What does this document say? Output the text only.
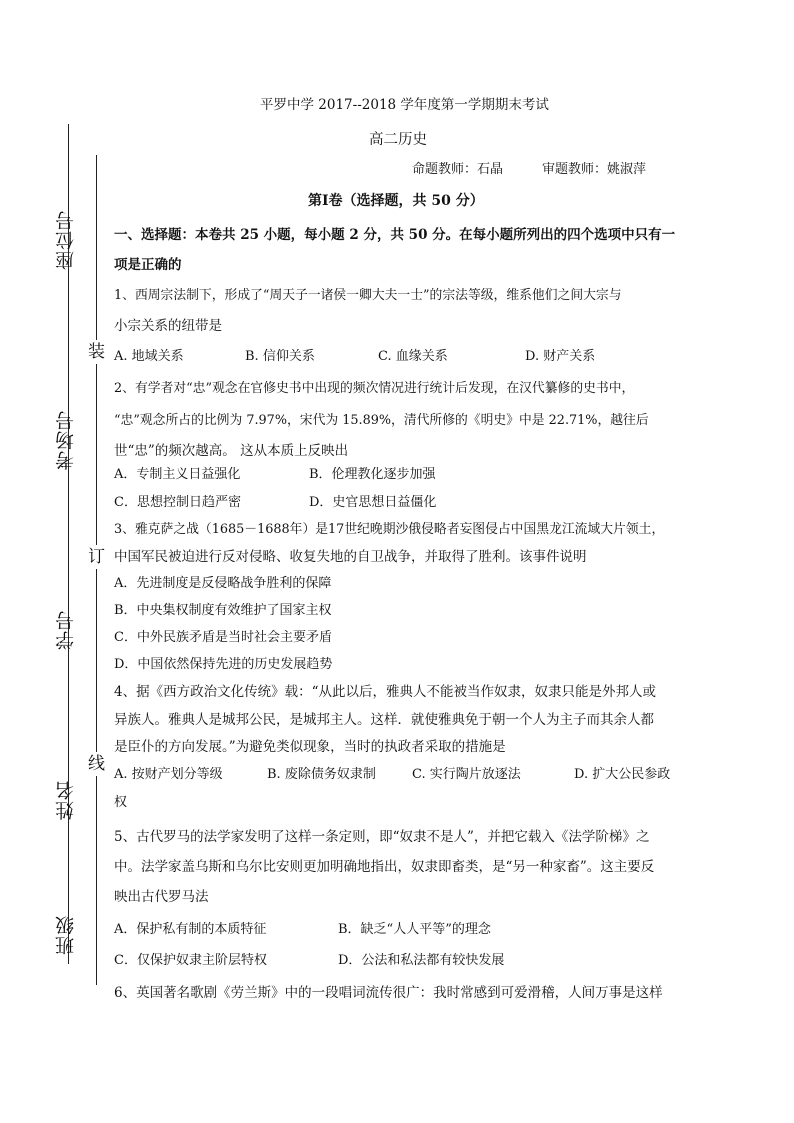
座位号
考场号
学号
姓名
班级
装
订
线
平罗中学 2017--2018 学年度第一学期期末考试
高二历史
命题教师：石晶　　　审题教师：姚淑萍
第Ⅰ卷（选择题，共 50 分）
一、选择题：本卷共 25 小题，每小题 2 分，共 50 分。在每小题所列出的四个选项中只有一
项是正确的
1、西周宗法制下，形成了“周天子一诸侯一卿大夫一士”的宗法等级，维系他们之间大宗与
小宗关系的纽带是
A. 地域关系	B. 信仰关系	C. 血缘关系	D. 财产关系
2、有学者对“忠”观念在官修史书中出现的频次情况进行统计后发现，在汉代纂修的史书中，
“忠”观念所占的比例为 7.97%，宋代为 15.89%，清代所修的《明史》中是 22.71%，越往后
世“忠”的频次越高。 这从本质上反映出
A．专制主义日益强化	B．伦理教化逐步加强
C．思想控制日趋严密	D．史官思想日益僵化
3、雅克萨之战（1685－1688年）是17世纪晚期沙俄侵略者妄图侵占中国黑龙江流域大片领土，
中国军民被迫进行反对侵略、收复失地的自卫战争，并取得了胜利。该事件说明
A．先进制度是反侵略战争胜利的保障
B．中央集权制度有效维护了国家主权
C．中外民族矛盾是当时社会主要矛盾
D．中国依然保持先进的历史发展趋势
4、据《西方政治文化传统》载：“从此以后，雅典人不能被当作奴隶，奴隶只能是外邦人或
异族人。雅典人是城邦公民，是城邦主人。这样．就使雅典免于朝一个人为主子而其余人都
是臣仆的方向发展。”为避免类似现象，当时的执政者采取的措施是
A. 按财产划分等级	B. 废除债务奴隶制	C. 实行陶片放逐法	D. 扩大公民参政
权
5、古代罗马的法学家发明了这样一条定则，即“奴隶不是人”，并把它载入《法学阶梯》之
中。法学家盖乌斯和乌尔比安则更加明确地指出，奴隶即畜类，是“另一种家畜”。这主要反
映出古代罗马法
A．保护私有制的本质特征	B．缺乏“人人平等”的理念
C．仅保护奴隶主阶层特权	D．公法和私法都有较快发展
6、英国著名歌剧《劳兰斯》中的一段唱词流传很广：我时常感到可爱滑稽，人间万事是这样
